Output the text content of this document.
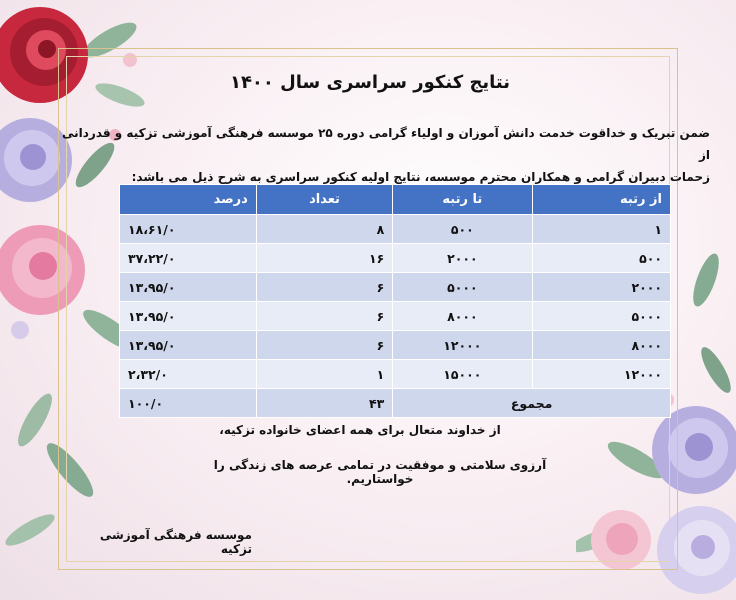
نتایج کنکور سراسری سال ۱۴۰۰
ضمن تبریک و خداقوت خدمت دانش آموزان و اولیاء گرامی دوره ۲۵ موسسه فرهنگی آموزشی تزکیه و قدردانی از
زحمات دبیران گرامی و همکاران محترم موسسه، نتایج اولیه کنکور سراسری به شرح ذیل می باشد:
از رتبه	تا رتبه	تعداد	درصد
۱	۵۰۰	۸	۱۸،۶۱/۰
۵۰۰	۲۰۰۰	۱۶	۳۷،۲۲/۰
۲۰۰۰	۵۰۰۰	۶	۱۳،۹۵/۰
۵۰۰۰	۸۰۰۰	۶	۱۳،۹۵/۰
۸۰۰۰	۱۲۰۰۰	۶	۱۳،۹۵/۰
۱۲۰۰۰	۱۵۰۰۰	۱	۲،۳۲/۰
مجموع		۴۳	۱۰۰/۰
از خداوند متعال برای همه اعضای خانواده تزکیه،
آرزوی سلامتی و موفقیت در تمامی عرصه های زندگی را خواستاریم.
موسسه فرهنگی آموزشی تزکیه
